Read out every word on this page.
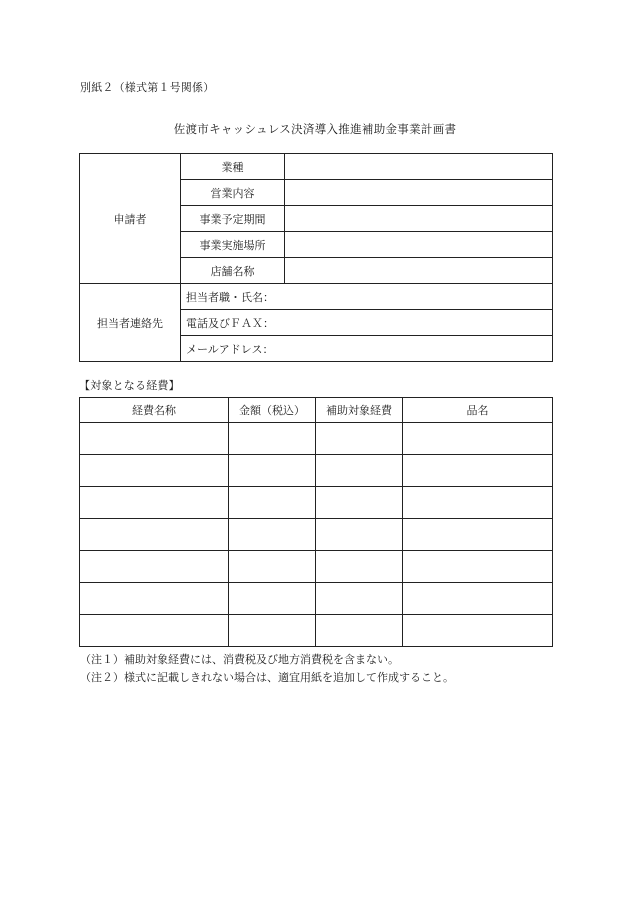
別紙２（様式第１号関係）
佐渡市キャッシュレス決済導入推進補助金事業計画書
申請者	業種	
	営業内容	
	事業予定期間	
	事業実施場所	
	店舗名称	
担当者連絡先	担当者職・氏名：	
	電話及びＦＡＸ：	
	メールアドレス：	
【対象となる経費】
経費名称	金額（税込）	補助対象経費	品名

（注１）補助対象経費には、消費税及び地方消費税を含まない。
（注２）様式に記載しきれない場合は、適宜用紙を追加して作成すること。
